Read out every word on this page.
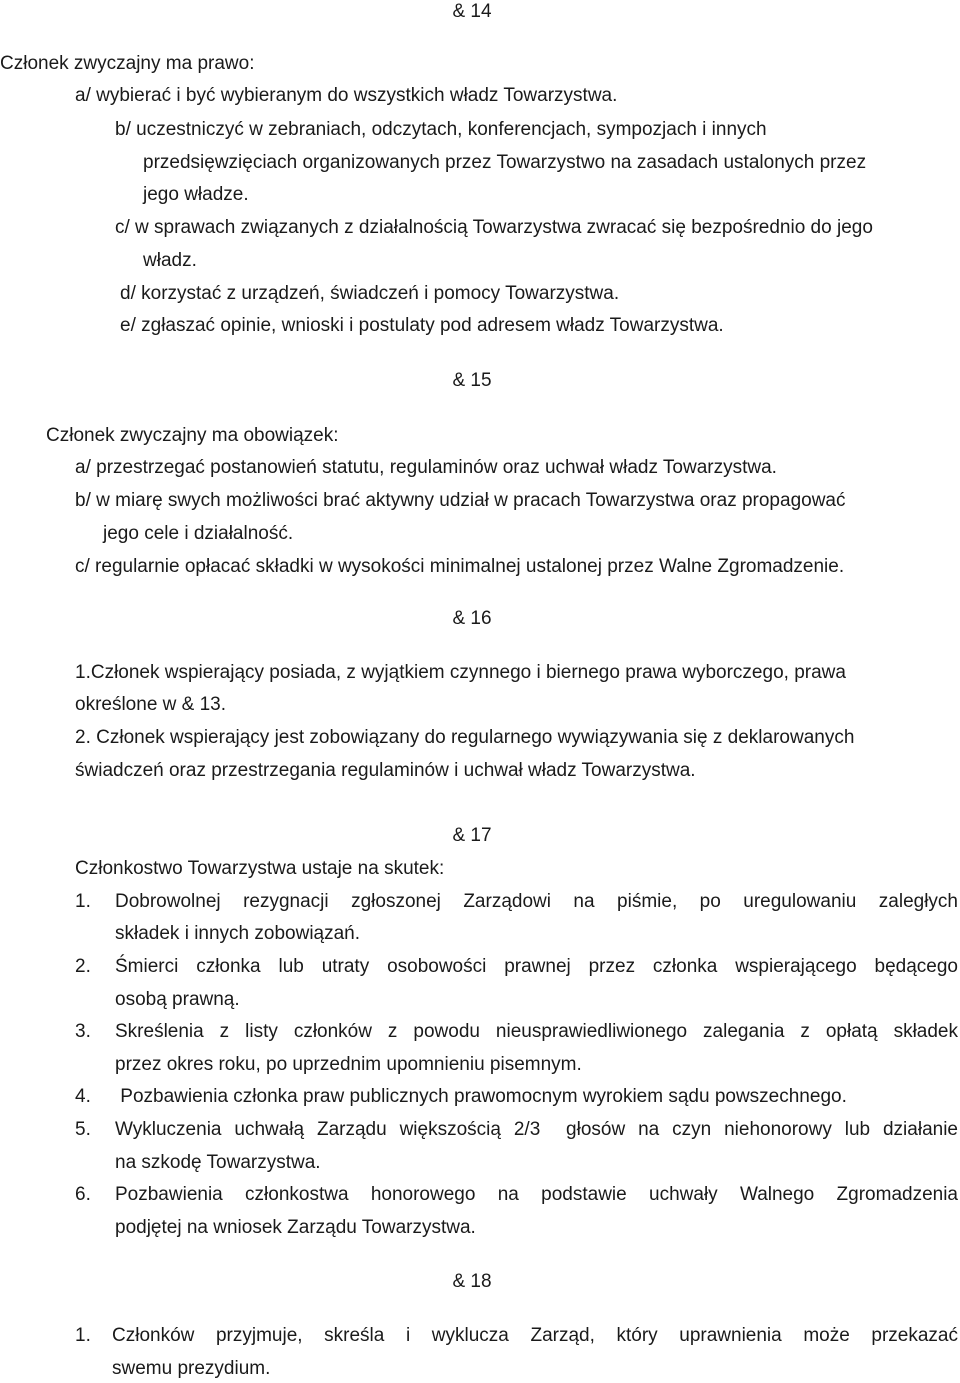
& 14
Członek zwyczajny ma prawo:
a/ wybierać i być wybieranym do wszystkich władz Towarzystwa.
b/ uczestniczyć w zebraniach, odczytach, konferencjach, sympozjach i innych
przedsięwzięciach organizowanych przez Towarzystwo na zasadach ustalonych przez
jego władze.
c/ w sprawach związanych z działalnością Towarzystwa zwracać się bezpośrednio do jego
władz.
d/ korzystać z urządzeń, świadczeń i pomocy Towarzystwa.
e/ zgłaszać opinie, wnioski i postulaty pod adresem władz Towarzystwa.
& 15
Członek zwyczajny ma obowiązek:
a/ przestrzegać postanowień statutu, regulaminów oraz uchwał władz Towarzystwa.
b/ w miarę swych możliwości brać aktywny udział w pracach Towarzystwa oraz propagować
jego cele i działalność.
c/ regularnie opłacać składki w wysokości minimalnej ustalonej przez Walne Zgromadzenie.
& 16
1.Członek wspierający posiada, z wyjątkiem czynnego i biernego prawa wyborczego, prawa
określone w & 13.
2. Członek wspierający jest zobowiązany do regularnego wywiązywania się z deklarowanych
świadczeń oraz przestrzegania regulaminów i uchwał władz Towarzystwa.
& 17
Członkostwo Towarzystwa ustaje na skutek:
1. Dobrowolnej rezygnacji zgłoszonej Zarządowi na piśmie, po uregulowaniu zaległych
składek i innych zobowiązań.
2. Śmierci członka lub utraty osobowości prawnej przez członka wspierającego będącego
osobą prawną.
3. Skreślenia z listy członków z powodu nieusprawiedliwionego zalegania z opłatą składek
przez okres roku, po uprzednim upomnieniu pisemnym.
4. Pozbawienia członka praw publicznych prawomocnym wyrokiem sądu powszechnego.
5. Wykluczenia uchwałą Zarządu większością 2/3  głosów na czyn niehonorowy lub działanie
na szkodę Towarzystwa.
6. Pozbawienia członkostwa honorowego na podstawie uchwały Walnego Zgromadzenia
podjętej na wniosek Zarządu Towarzystwa.
& 18
1. Członków przyjmuje, skreśla i wyklucza Zarząd, który uprawnienia może przekazać
swemu prezydium.
